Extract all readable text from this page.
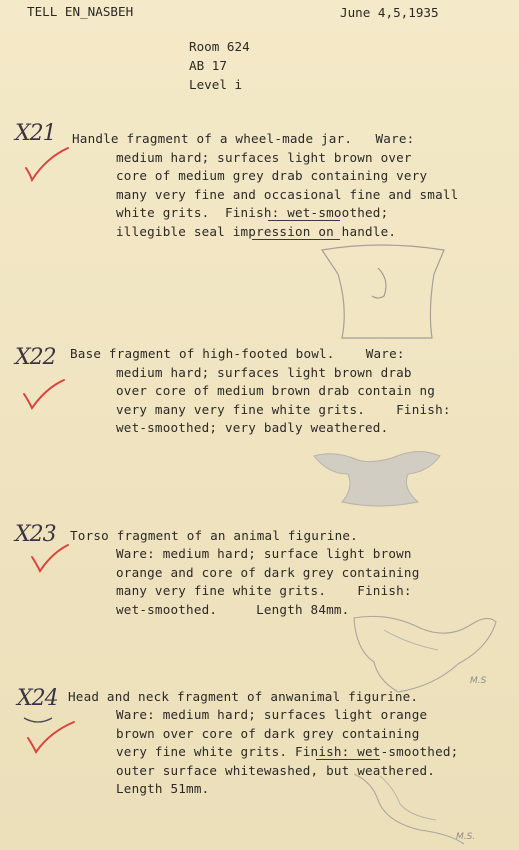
TELL EN_NASBEH	June 4,5,1935
Room 624
AB 17
Level i
X21 Handle fragment of a wheel-made jar.   Ware:
medium hard; surfaces light brown over
core of medium grey drab containing very
many very fine and occasional fine and small
white grits.  Finish: wet-smoothed;
illegible seal impression on handle.
X22 Base fragment of high-footed bowl.    Ware:
medium hard; surfaces light brown drab
over core of medium brown drab contain ng
very many very fine white grits.    Finish:
wet-smoothed; very badly weathered.
X23 Torso fragment of an animal figurine.
Ware: medium hard; surface light brown
orange and core of dark grey containing
many very fine white grits.    Finish:
wet-smoothed.     Length 84mm.
M.S
X24 Head and neck fragment of anwanimal figurine.
Ware: medium hard; surfaces light orange
brown over core of dark grey containing
very fine white grits. Finish: wet-smoothed;
outer surface whitewashed, but weathered.
Length 51mm.
M.S.
